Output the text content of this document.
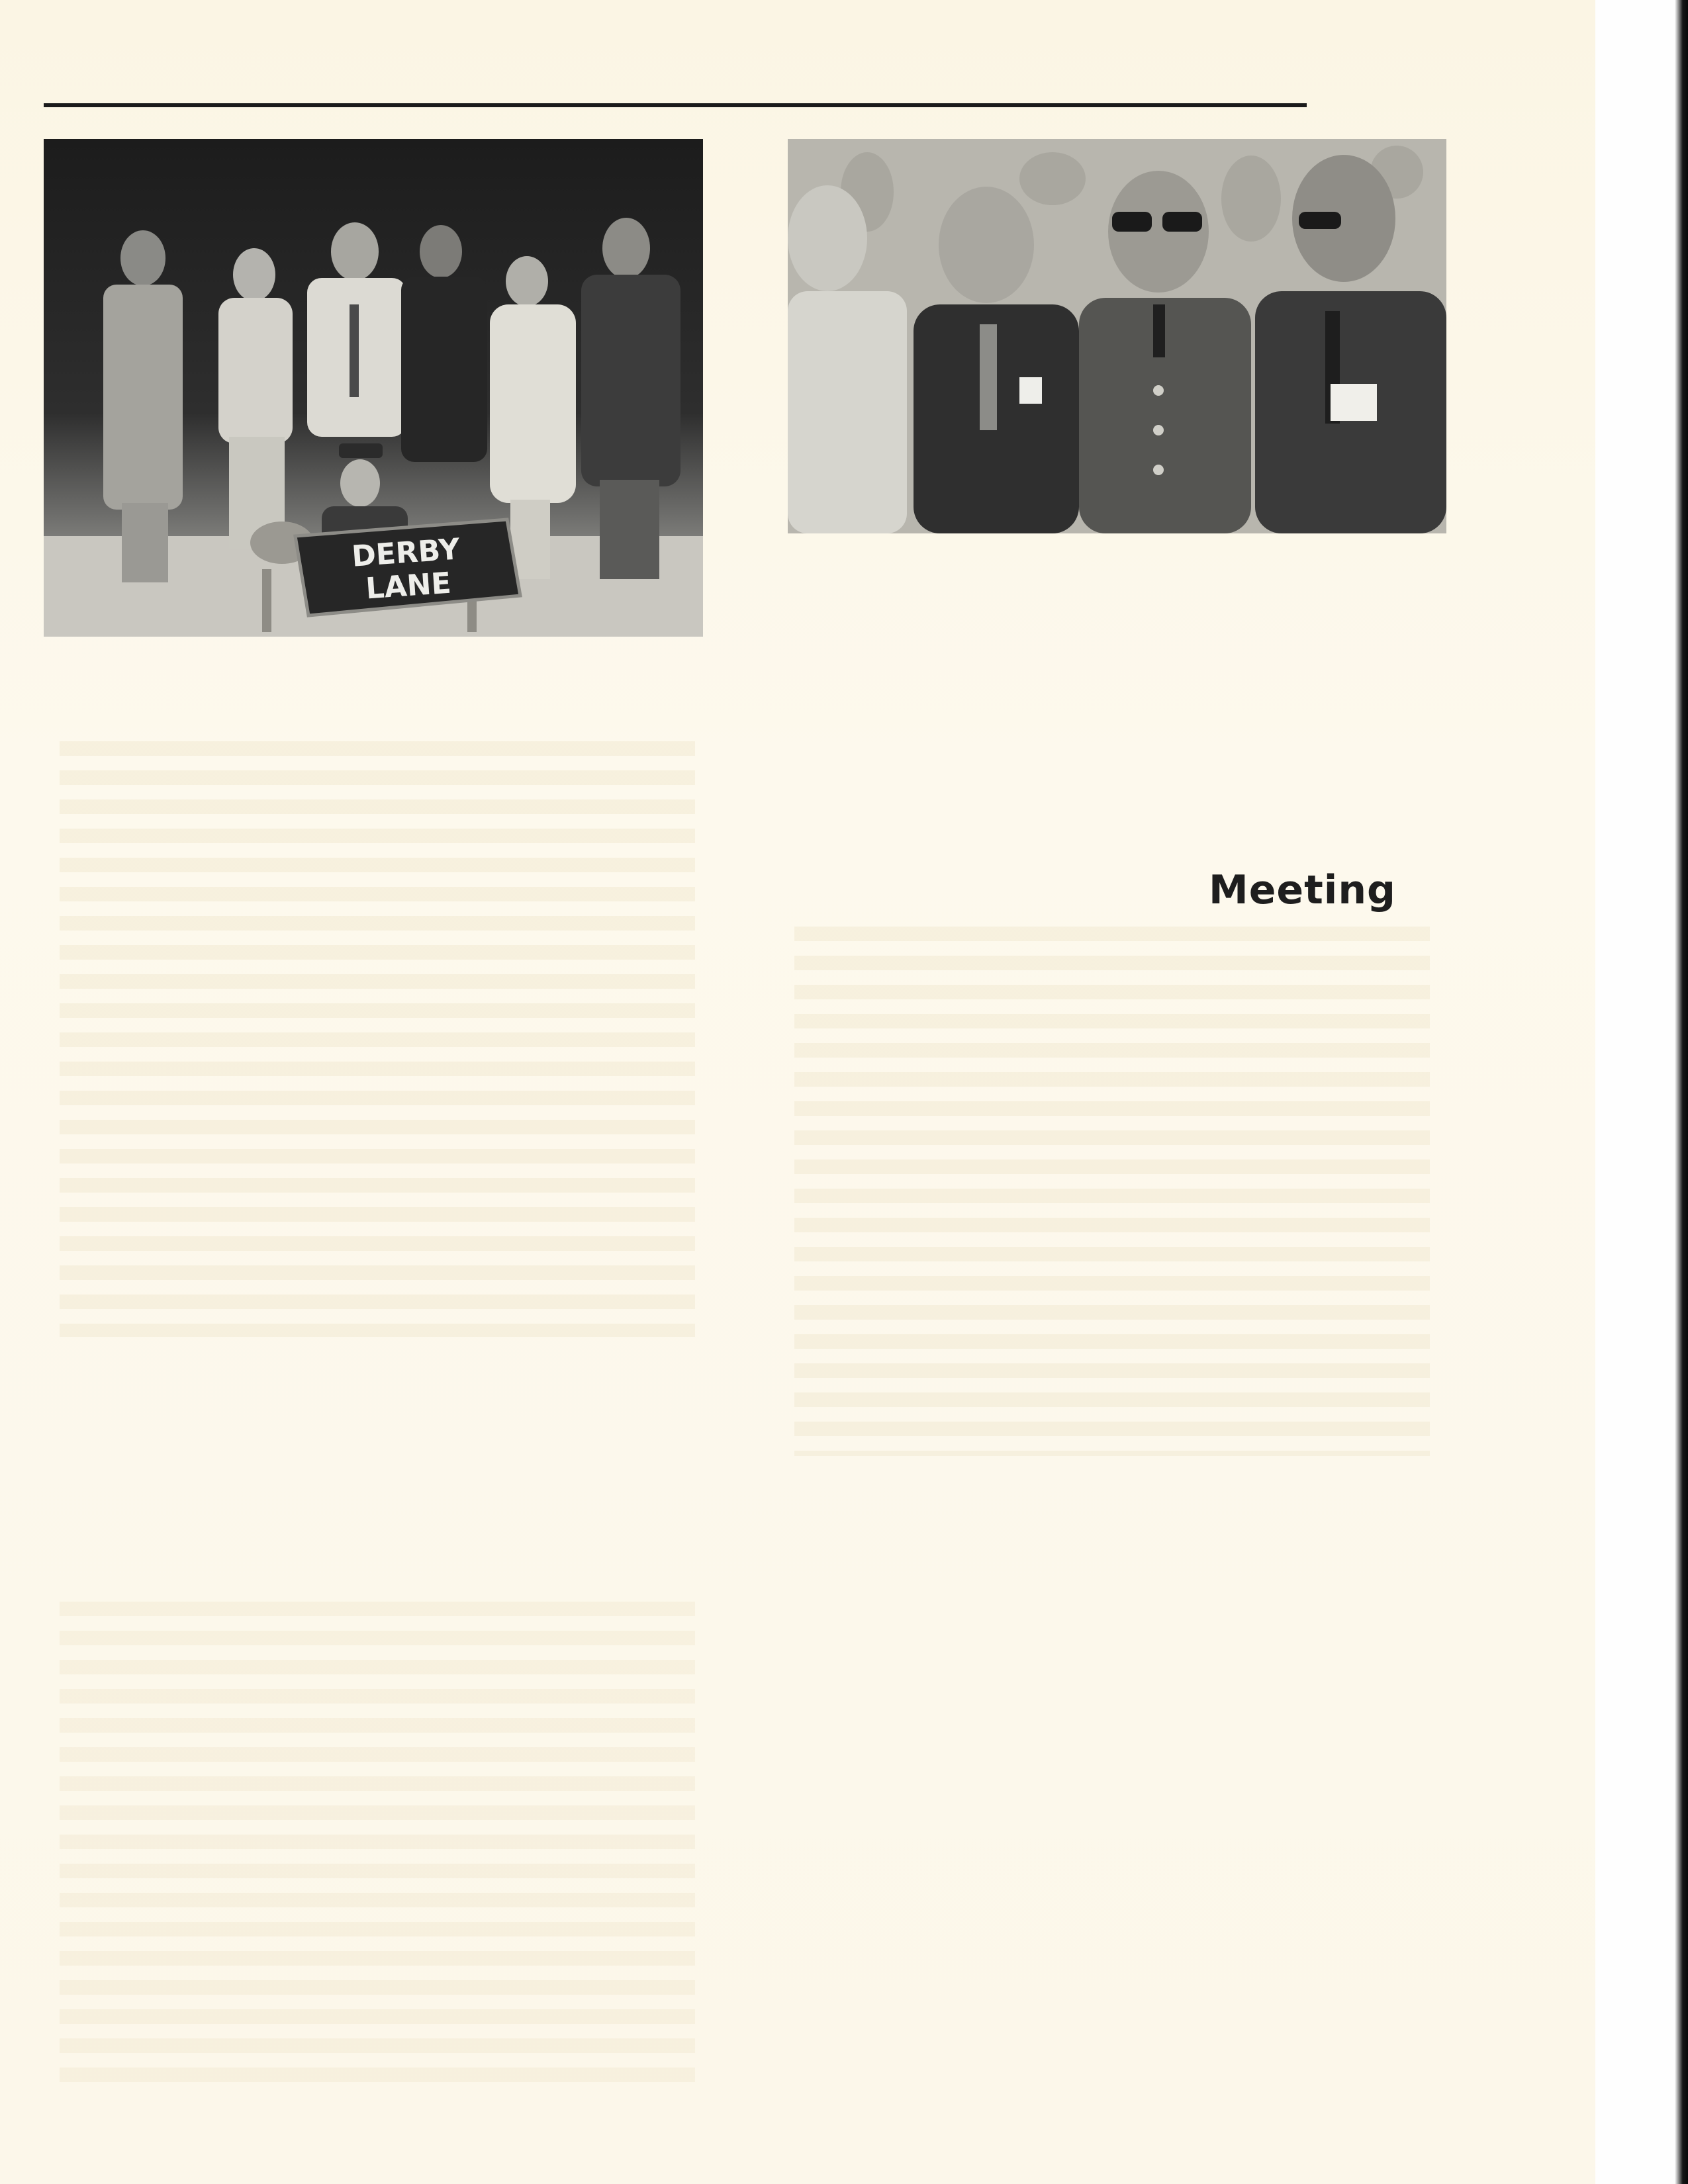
DERBY
LANE
Meeting
